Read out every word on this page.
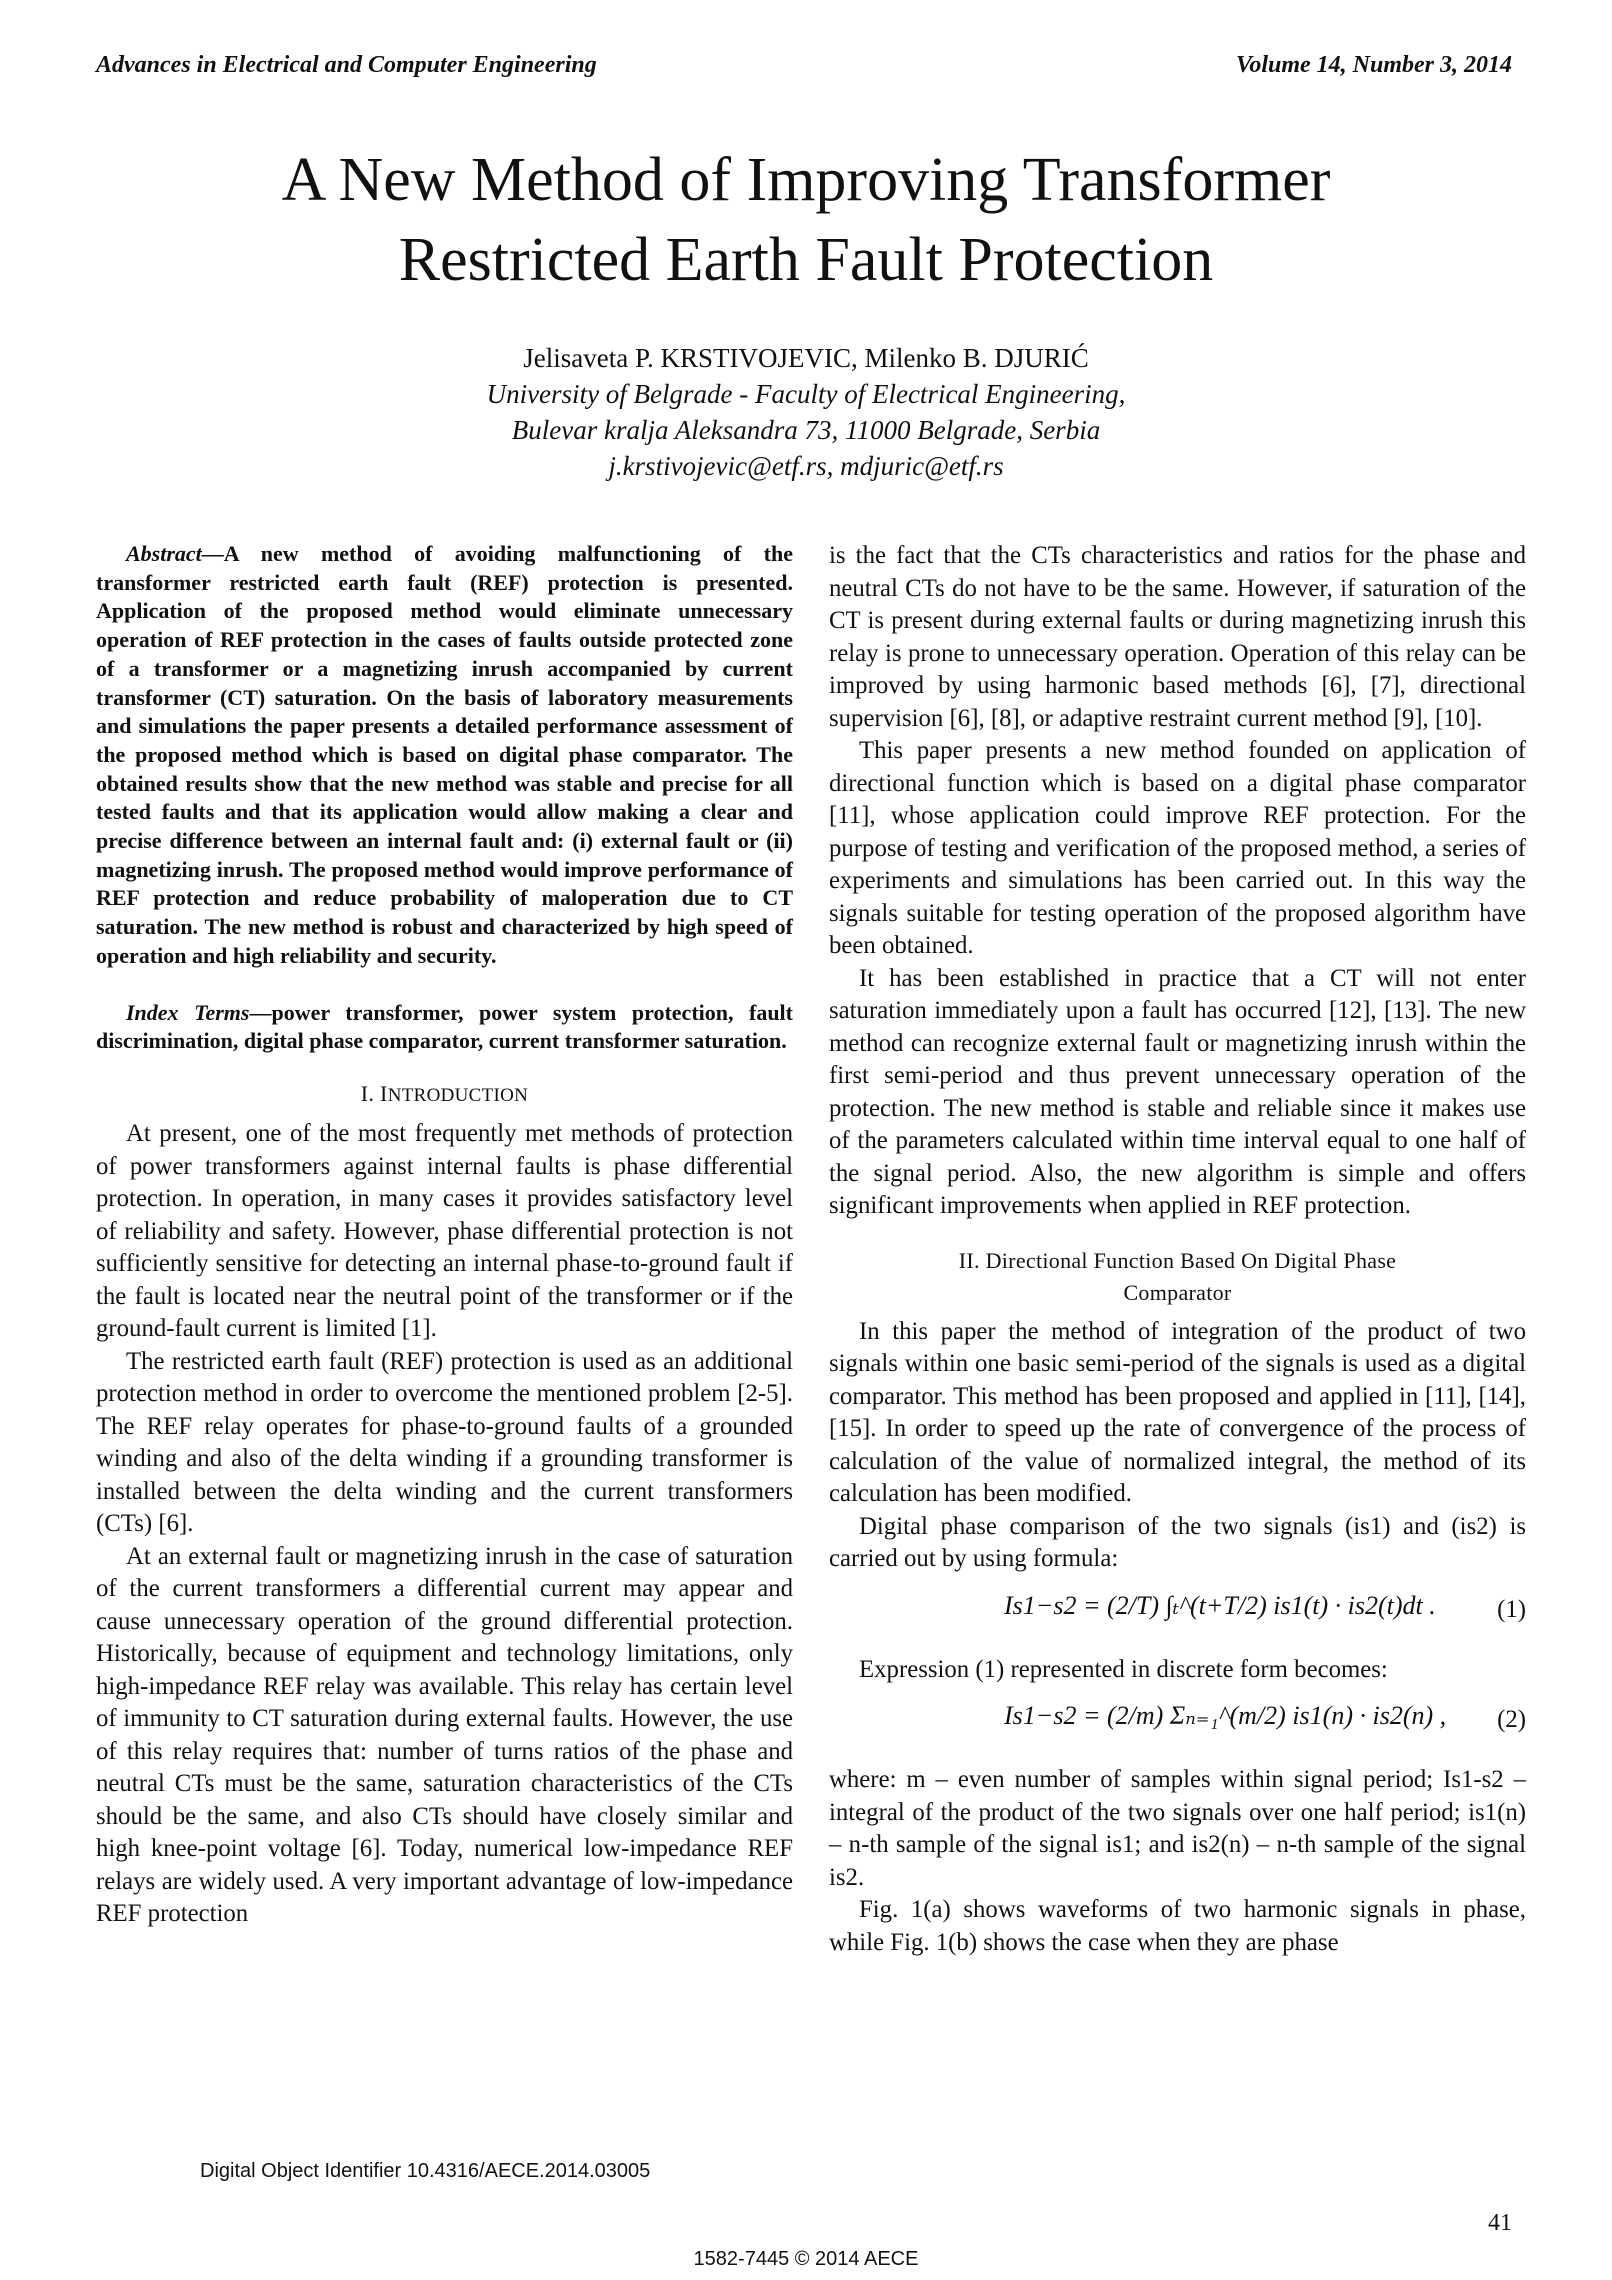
Advances in Electrical and Computer Engineering	Volume 14, Number 3, 2014
A New Method of Improving Transformer
Restricted Earth Fault Protection
Jelisaveta P. KRSTIVOJEVIC, Milenko B. DJURIĆ
University of Belgrade - Faculty of Electrical Engineering,
Bulevar kralja Aleksandra 73, 11000 Belgrade, Serbia
j.krstivojevic@etf.rs, mdjuric@etf.rs

Abstract—A new method of avoiding malfunctioning of the transformer restricted earth fault (REF) protection is presented. Application of the proposed method would eliminate unnecessary operation of REF protection in the cases of faults outside protected zone of a transformer or a magnetizing inrush accompanied by current transformer (CT) saturation. On the basis of laboratory measurements and simulations the paper presents a detailed performance assessment of the proposed method which is based on digital phase comparator. The obtained results show that the new method was stable and precise for all tested faults and that its application would allow making a clear and precise difference between an internal fault and: (i) external fault or (ii) magnetizing inrush. The proposed method would improve performance of REF protection and reduce probability of maloperation due to CT saturation. The new method is robust and characterized by high speed of operation and high reliability and security.

Index Terms—power transformer, power system protection, fault discrimination, digital phase comparator, current transformer saturation.

I. INTRODUCTION

At present, one of the most frequently met methods of protection of power transformers against internal faults is phase differential protection. In operation, in many cases it provides satisfactory level of reliability and safety. However, phase differential protection is not sufficiently sensitive for detecting an internal phase-to-ground fault if the fault is located near the neutral point of the transformer or if the ground-fault current is limited [1].

The restricted earth fault (REF) protection is used as an additional protection method in order to overcome the mentioned problem [2-5]. The REF relay operates for phase-to-ground faults of a grounded winding and also of the delta winding if a grounding transformer is installed between the delta winding and the current transformers (CTs) [6].

At an external fault or magnetizing inrush in the case of saturation of the current transformers a differential current may appear and cause unnecessary operation of the ground differential protection. Historically, because of equipment and technology limitations, only high-impedance REF relay was available. This relay has certain level of immunity to CT saturation during external faults. However, the use of this relay requires that: number of turns ratios of the phase and neutral CTs must be the same, saturation characteristics of the CTs should be the same, and also CTs should have closely similar and high knee-point voltage [6]. Today, numerical low-impedance REF relays are widely used. A very important advantage of low-impedance REF protection

is the fact that the CTs characteristics and ratios for the phase and neutral CTs do not have to be the same. However, if saturation of the CT is present during external faults or during magnetizing inrush this relay is prone to unnecessary operation. Operation of this relay can be improved by using harmonic based methods [6], [7], directional supervision [6], [8], or adaptive restraint current method [9], [10].

This paper presents a new method founded on application of directional function which is based on a digital phase comparator [11], whose application could improve REF protection. For the purpose of testing and verification of the proposed method, a series of experiments and simulations has been carried out. In this way the signals suitable for testing operation of the proposed algorithm have been obtained.

It has been established in practice that a CT will not enter saturation immediately upon a fault has occurred [12], [13]. The new method can recognize external fault or magnetizing inrush within the first semi-period and thus prevent unnecessary operation of the protection. The new method is stable and reliable since it makes use of the parameters calculated within time interval equal to one half of the signal period. Also, the new algorithm is simple and offers significant improvements when applied in REF protection.

II. Directional Function Based On Digital Phase
Comparator

In this paper the method of integration of the product of two signals within one basic semi-period of the signals is used as a digital comparator. This method has been proposed and applied in [11], [14], [15]. In order to speed up the rate of convergence of the process of calculation of the value of normalized integral, the method of its calculation has been modified.

Digital phase comparison of the two signals (is1) and (is2) is carried out by using formula:

Is1−s2 = (2/T) ∫ₜ^(t+T/2) is1(t) · is2(t)dt . (1)

Expression (1) represented in discrete form becomes:

Is1−s2 = (2/m) Σₙ₌₁^(m/2) is1(n) · is2(n) , (2)

where: m – even number of samples within signal period; Is1-s2 – integral of the product of the two signals over one half period; is1(n) – n-th sample of the signal is1; and is2(n) – n-th sample of the signal is2.

Fig. 1(a) shows waveforms of two harmonic signals in phase, while Fig. 1(b) shows the case when they are phase

Digital Object Identifier 10.4316/AECE.2014.03005
41
1582-7445 © 2014 AECE
